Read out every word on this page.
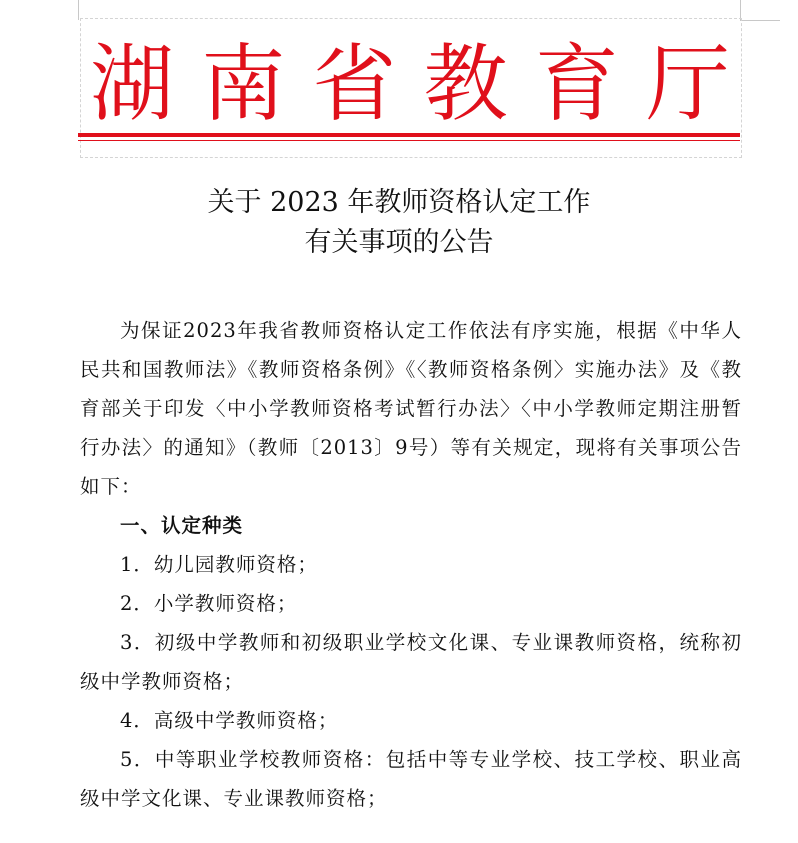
湖 南 省 教 育 厅
关于 2023 年教师资格认定工作
有关事项的公告

为保证2023年我省教师资格认定工作依法有序实施，根据《中华人民共和国教师法》《教师资格条例》《〈教师资格条例〉实施办法》及《教育部关于印发〈中小学教师资格考试暂行办法〉〈中小学教师定期注册暂行办法〉的通知》（教师〔2013〕9号）等有关规定，现将有关事项公告如下：

一、认定种类

1．幼儿园教师资格；

2．小学教师资格；

3．初级中学教师和初级职业学校文化课、专业课教师资格，统称初级中学教师资格；

4．高级中学教师资格；

5．中等职业学校教师资格：包括中等专业学校、技工学校、职业高级中学文化课、专业课教师资格；
